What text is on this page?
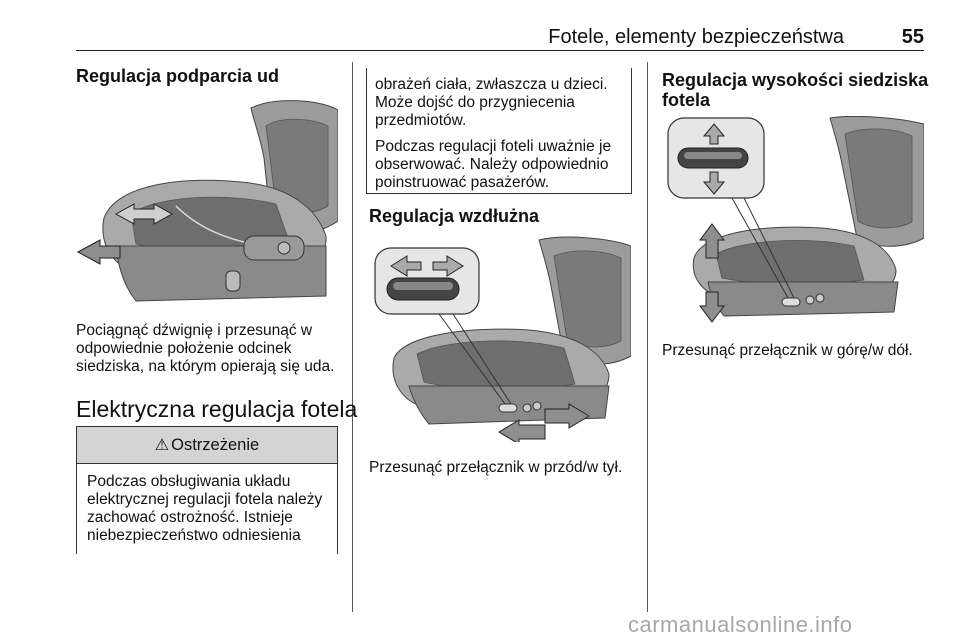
Fotele, elementy bezpieczeństwa	55
Regulacja podparcia ud
Pociągnąć dźwignię i przesunąć w
odpowiednie położenie odcinek
siedziska, na którym opierają się uda.
Elektryczna regulacja fotela
⚠ Ostrzeżenie
Podczas obsługiwania układu
elektrycznej regulacji fotela należy
zachować ostrożność. Istnieje
niebezpieczeństwo odniesienia

obrażeń ciała, zwłaszcza u dzieci.
Może dojść do przygniecenia
przedmiotów.

Podczas regulacji foteli uważnie je
obserwować. Należy odpowiednio
poinstruować pasażerów.

Regulacja wzdłużna
Przesunąć przełącznik w przód/w tył.
Regulacja wysokości siedziska
fotela
Przesunąć przełącznik w górę/w dół.
carmanualsonline.info
